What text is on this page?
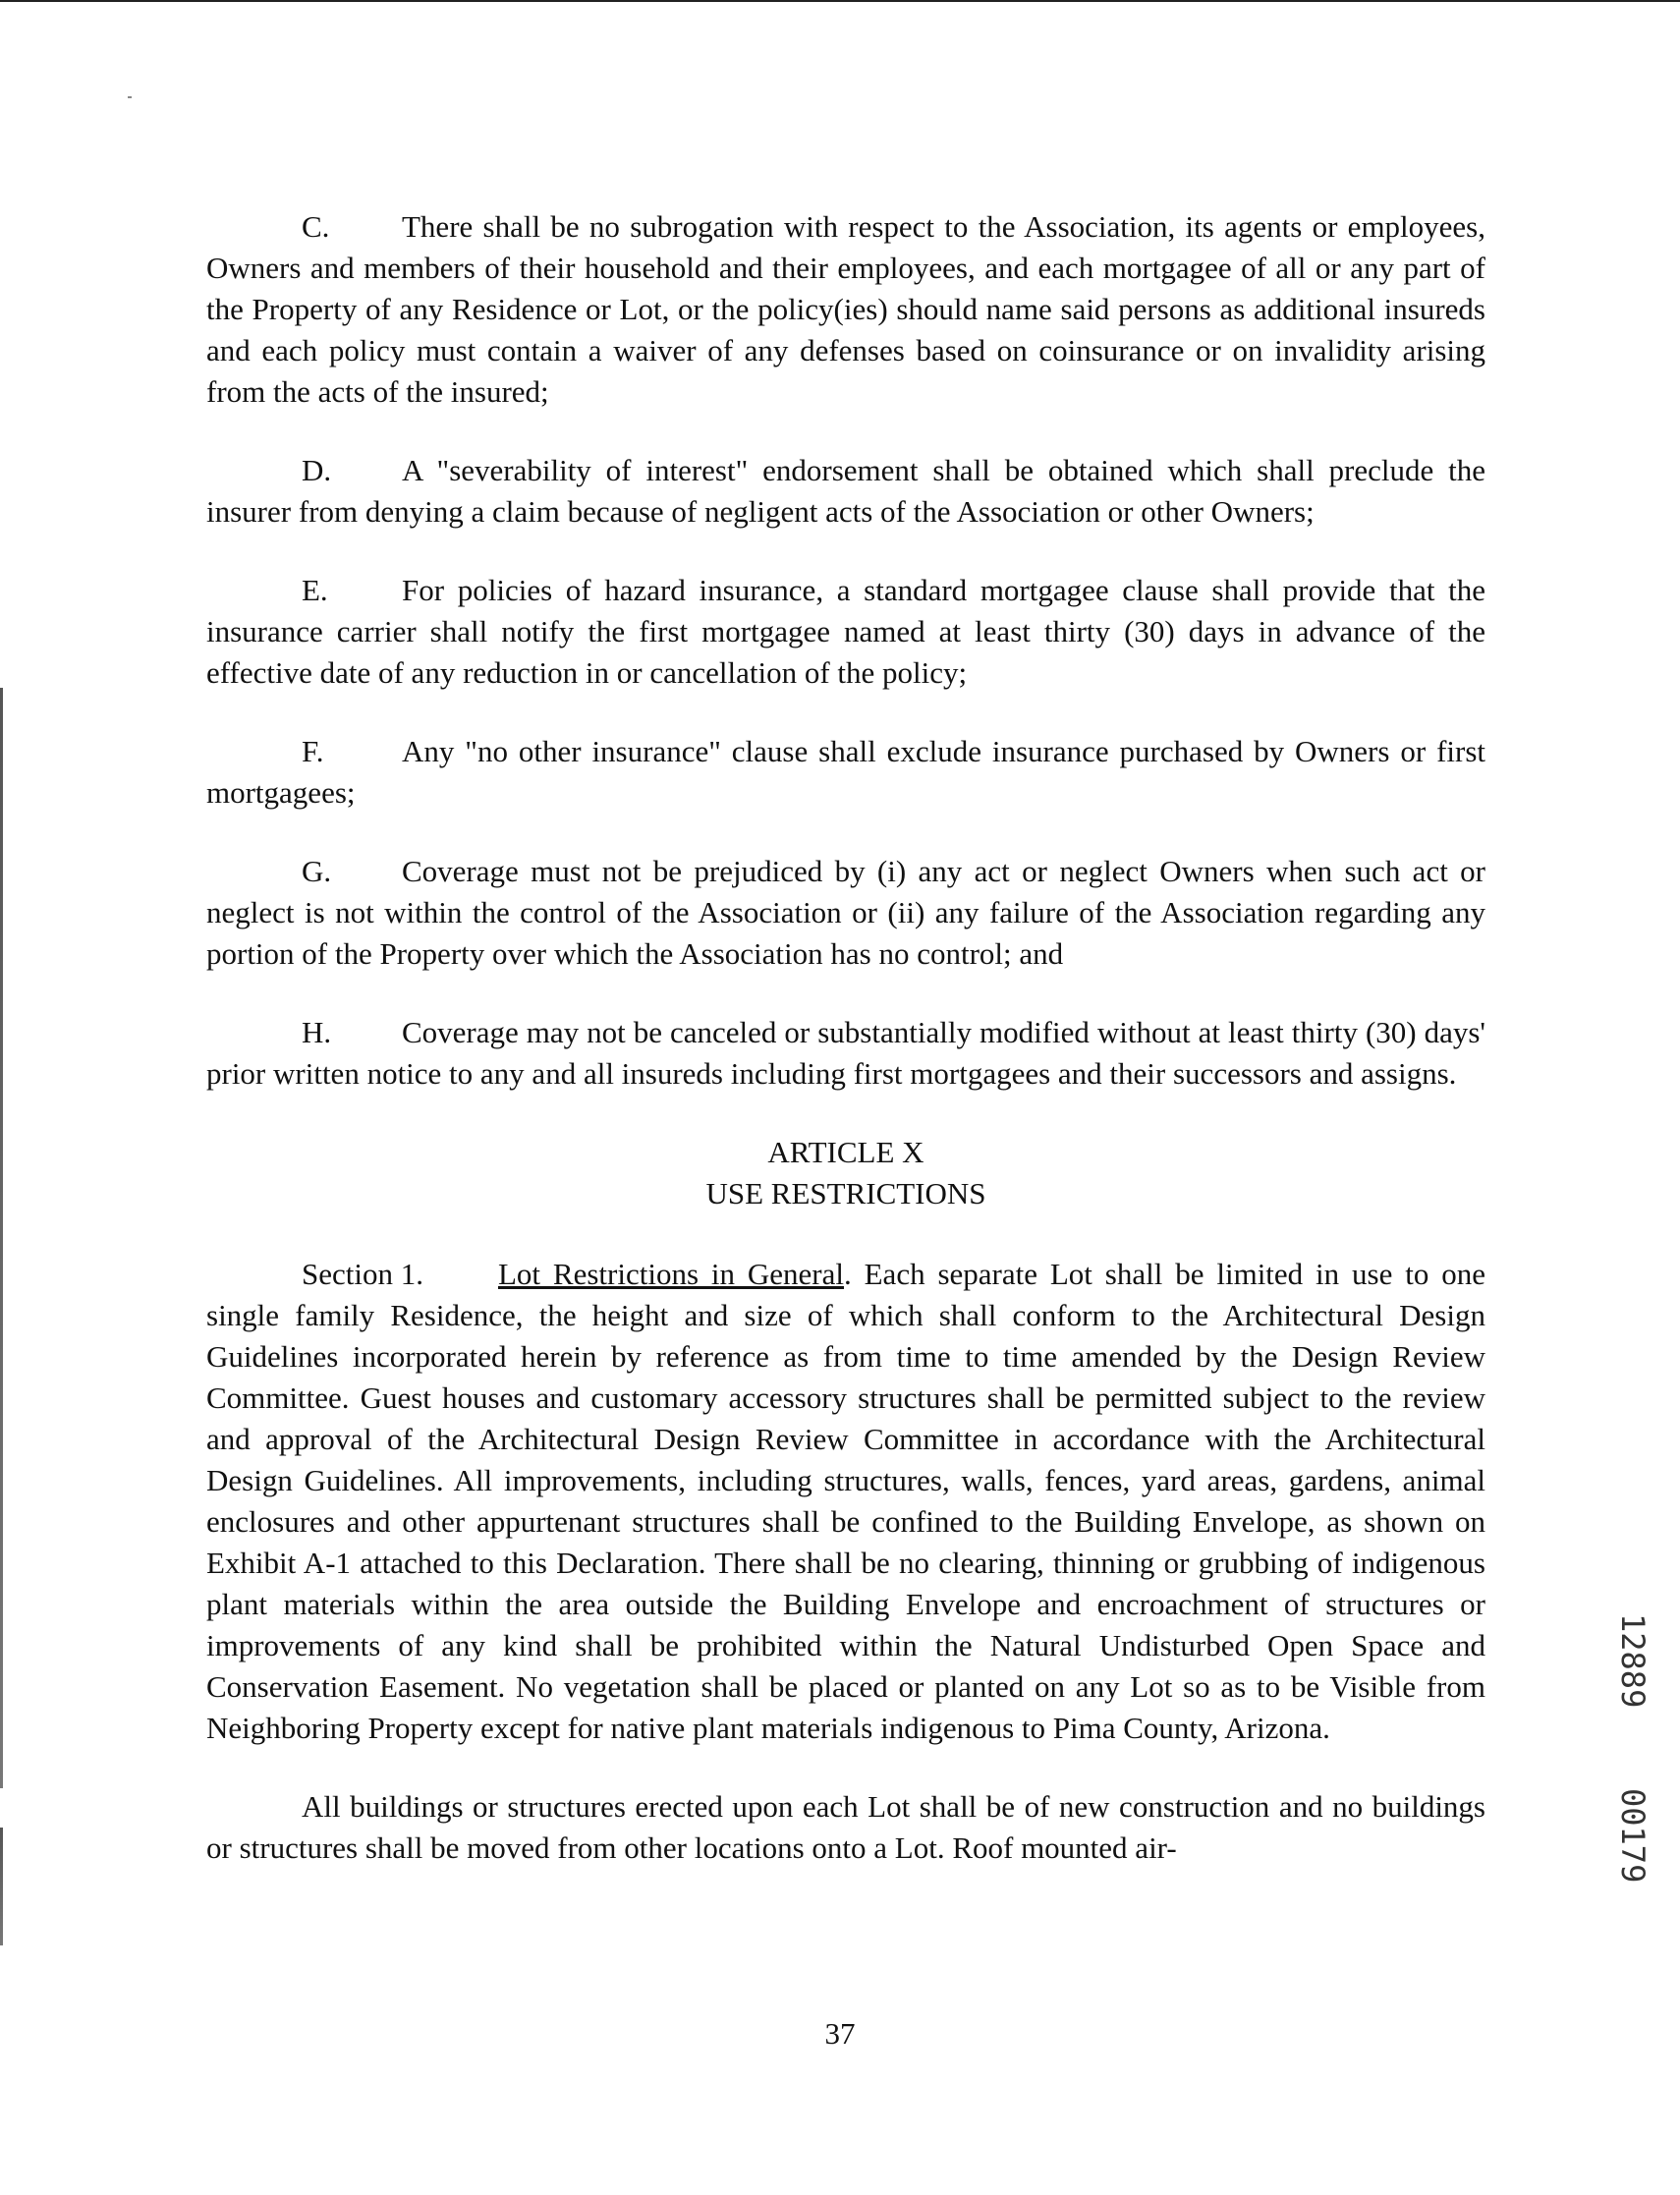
C. There shall be no subrogation with respect to the Association, its agents or employees, Owners and members of their household and their employees, and each mortgagee of all or any part of the Property of any Residence or Lot, or the policy(ies) should name said persons as additional insureds and each policy must contain a waiver of any defenses based on coinsurance or on invalidity arising from the acts of the insured;
D. A "severability of interest" endorsement shall be obtained which shall preclude the insurer from denying a claim because of negligent acts of the Association or other Owners;
E. For policies of hazard insurance, a standard mortgagee clause shall provide that the insurance carrier shall notify the first mortgagee named at least thirty (30) days in advance of the effective date of any reduction in or cancellation of the policy;
F.	Any "no other insurance" clause shall exclude insurance purchased by Owners or first mortgagees;
G. Coverage must not be prejudiced by (i) any act or neglect Owners when such act or neglect is not within the control of the Association or (ii) any failure of the Association regarding any portion of the Property over which the Association has no control; and
H. Coverage may not be canceled or substantially modified without at least thirty (30) days' prior written notice to any and all insureds including first mortgagees and their successors and assigns.
ARTICLE X
USE RESTRICTIONS
Section 1. Lot Restrictions in General. Each separate Lot shall be limited in use to one single family Residence, the height and size of which shall conform to the Architectural Design Guidelines incorporated herein by reference as from time to time amended by the Design Review Committee. Guest houses and customary accessory structures shall be permitted subject to the review and approval of the Architectural Design Review Committee in accordance with the Architectural Design Guidelines. All improvements, including structures, walls, fences, yard areas, gardens, animal enclosures and other appurtenant structures shall be confined to the Building Envelope, as shown on Exhibit A-1 attached to this Declaration. There shall be no clearing, thinning or grubbing of indigenous plant materials within the area outside the Building Envelope and encroachment of structures or improvements of any kind shall be prohibited within the Natural Undisturbed Open Space and Conservation Easement. No vegetation shall be placed or planted on any Lot so as to be Visible from Neighboring Property except for native plant materials indigenous to Pima County, Arizona.
All buildings or structures erected upon each Lot shall be of new construction and no buildings or structures shall be moved from other locations onto a Lot. Roof mounted air-
37
12889
00179
